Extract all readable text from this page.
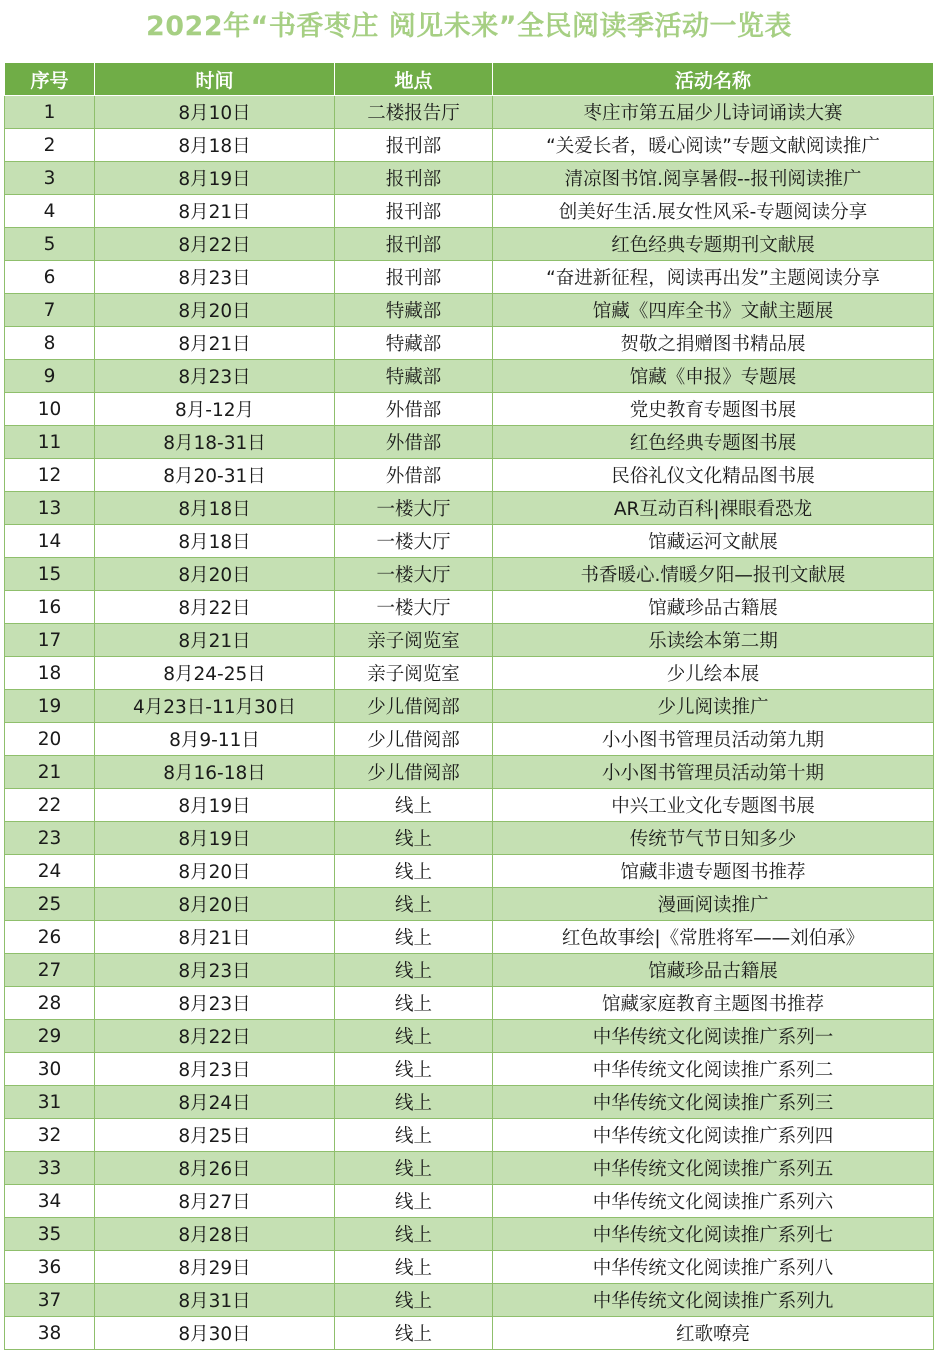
2022年“书香枣庄 阅见未来”全民阅读季活动一览表
序号	时间	地点	活动名称
1	8月10日	二楼报告厅	枣庄市第五届少儿诗词诵读大赛
2	8月18日	报刊部	“关爱长者，暖心阅读”专题文献阅读推广
3	8月19日	报刊部	清凉图书馆.阅享暑假--报刊阅读推广
4	8月21日	报刊部	创美好生活.展女性风采-专题阅读分享
5	8月22日	报刊部	红色经典专题期刊文献展
6	8月23日	报刊部	“奋进新征程，阅读再出发”主题阅读分享
7	8月20日	特藏部	馆藏《四库全书》文献主题展
8	8月21日	特藏部	贺敬之捐赠图书精品展
9	8月23日	特藏部	馆藏《申报》专题展
10	8月-12月	外借部	党史教育专题图书展
11	8月18-31日	外借部	红色经典专题图书展
12	8月20-31日	外借部	民俗礼仪文化精品图书展
13	8月18日	一楼大厅	AR互动百科|裸眼看恐龙
14	8月18日	一楼大厅	馆藏运河文献展
15	8月20日	一楼大厅	书香暖心.情暖夕阳—报刊文献展
16	8月22日	一楼大厅	馆藏珍品古籍展
17	8月21日	亲子阅览室	乐读绘本第二期
18	8月24-25日	亲子阅览室	少儿绘本展
19	4月23日-11月30日	少儿借阅部	少儿阅读推广
20	8月9-11日	少儿借阅部	小小图书管理员活动第九期
21	8月16-18日	少儿借阅部	小小图书管理员活动第十期
22	8月19日	线上	中兴工业文化专题图书展
23	8月19日	线上	传统节气节日知多少
24	8月20日	线上	馆藏非遗专题图书推荐
25	8月20日	线上	漫画阅读推广
26	8月21日	线上	红色故事绘|《常胜将军——刘伯承》
27	8月23日	线上	馆藏珍品古籍展
28	8月23日	线上	馆藏家庭教育主题图书推荐
29	8月22日	线上	中华传统文化阅读推广系列一
30	8月23日	线上	中华传统文化阅读推广系列二
31	8月24日	线上	中华传统文化阅读推广系列三
32	8月25日	线上	中华传统文化阅读推广系列四
33	8月26日	线上	中华传统文化阅读推广系列五
34	8月27日	线上	中华传统文化阅读推广系列六
35	8月28日	线上	中华传统文化阅读推广系列七
36	8月29日	线上	中华传统文化阅读推广系列八
37	8月31日	线上	中华传统文化阅读推广系列九
38	8月30日	线上	红歌嘹亮
